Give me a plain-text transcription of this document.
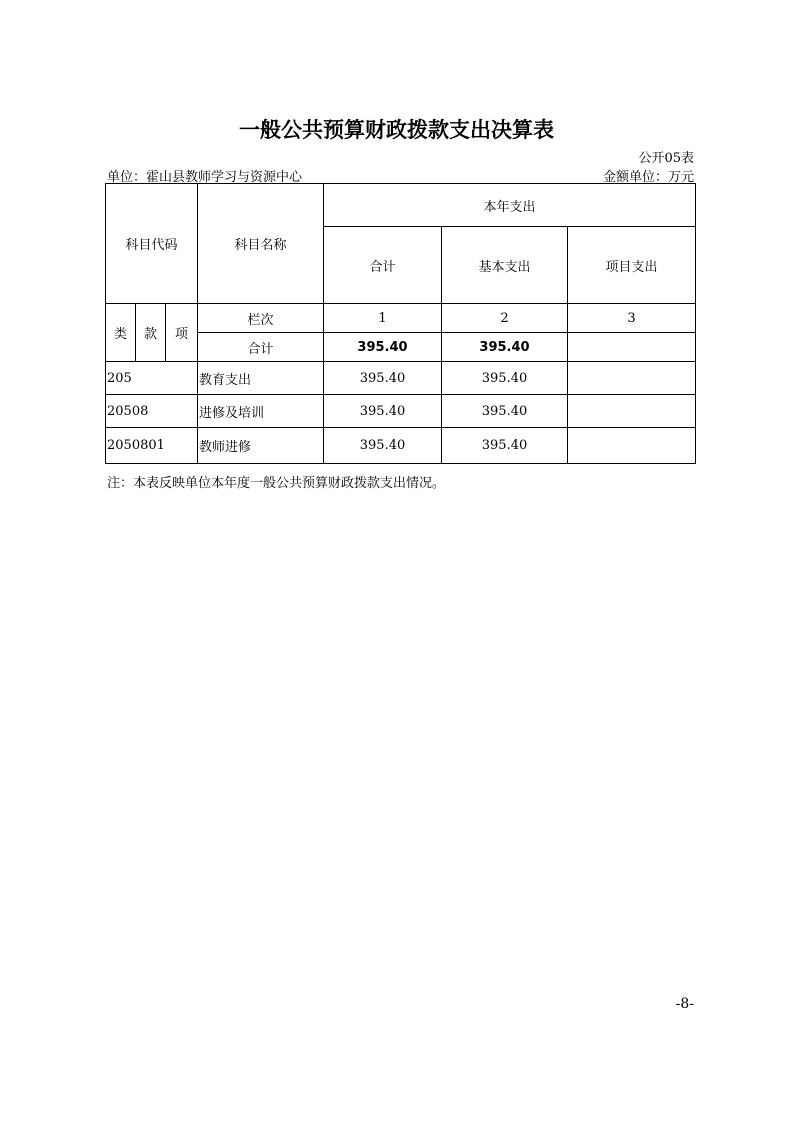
一般公共预算财政拨款支出决算表
公开05表
单位：霍山县教师学习与资源中心	金额单位：万元
科目代码			科目名称	本年支出		
				合计	基本支出	项目支出
类	款	项	栏次	1	2	3
			合计	395.40	395.40	
205			教育支出	395.40	395.40	
20508			进修及培训	395.40	395.40	
2050801			教师进修	395.40	395.40	
注：本表反映单位本年度一般公共预算财政拨款支出情况。
-8-
